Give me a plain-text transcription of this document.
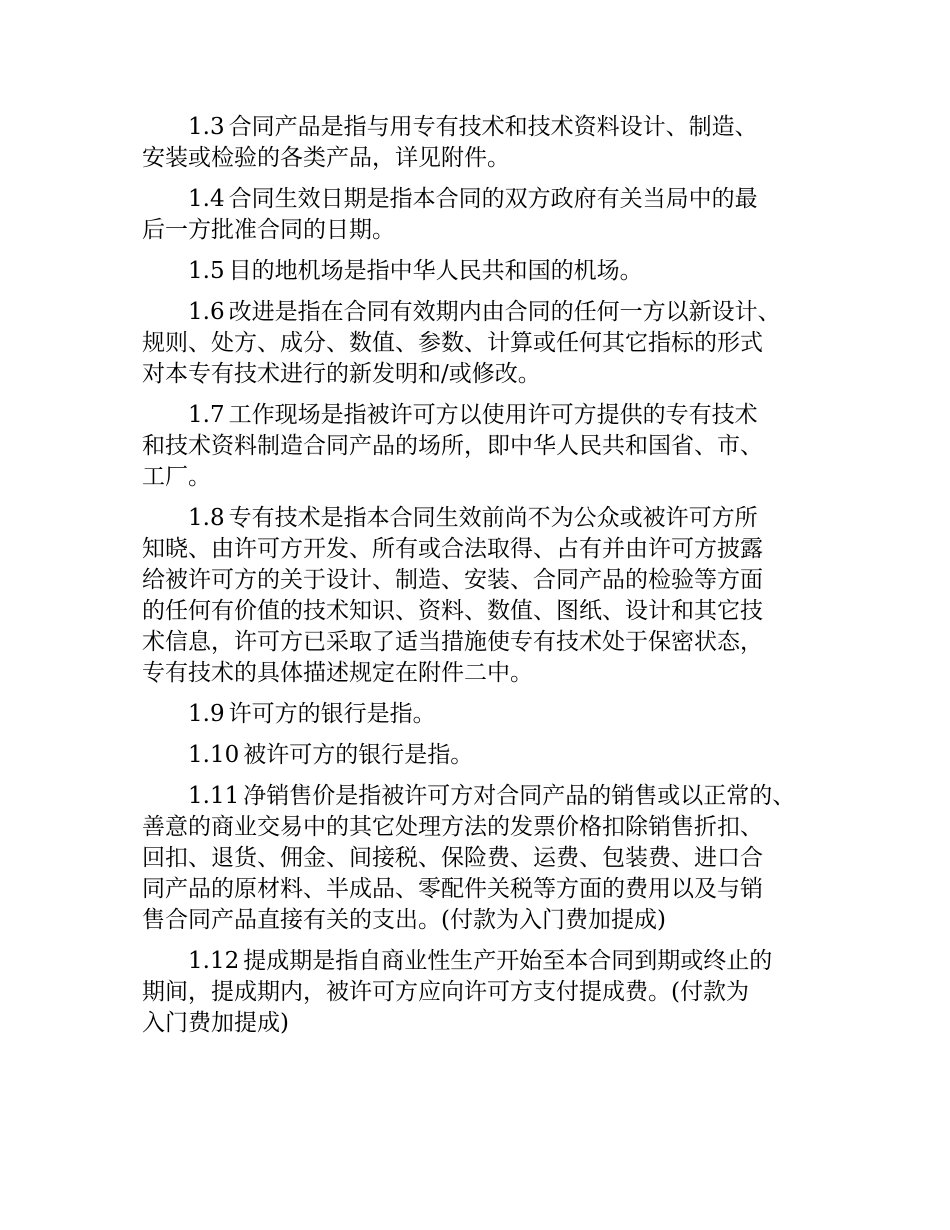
1.3 合同产品是指与用专有技术和技术资料设计、制造、
安装或检验的各类产品，详见附件。

1.4 合同生效日期是指本合同的双方政府有关当局中的最
后一方批准合同的日期。

1.5 目的地机场是指中华人民共和国的机场。

1.6 改进是指在合同有效期内由合同的任何一方以新设计、
规则、处方、成分、数值、参数、计算或任何其它指标的形式
对本专有技术进行的新发明和/或修改。

1.7 工作现场是指被许可方以使用许可方提供的专有技术
和技术资料制造合同产品的场所，即中华人民共和国省、市、
工厂。

1.8 专有技术是指本合同生效前尚不为公众或被许可方所
知晓、由许可方开发、所有或合法取得、占有并由许可方披露
给被许可方的关于设计、制造、安装、合同产品的检验等方面
的任何有价值的技术知识、资料、数值、图纸、设计和其它技
术信息，许可方已采取了适当措施使专有技术处于保密状态，
专有技术的具体描述规定在附件二中。

1.9 许可方的银行是指。

1.10 被许可方的银行是指。

1.11 净销售价是指被许可方对合同产品的销售或以正常的、
善意的商业交易中的其它处理方法的发票价格扣除销售折扣、
回扣、退货、佣金、间接税、保险费、运费、包装费、进口合
同产品的原材料、半成品、零配件关税等方面的费用以及与销
售合同产品直接有关的支出。(付款为入门费加提成)

1.12 提成期是指自商业性生产开始至本合同到期或终止的
期间，提成期内，被许可方应向许可方支付提成费。(付款为
入门费加提成)
